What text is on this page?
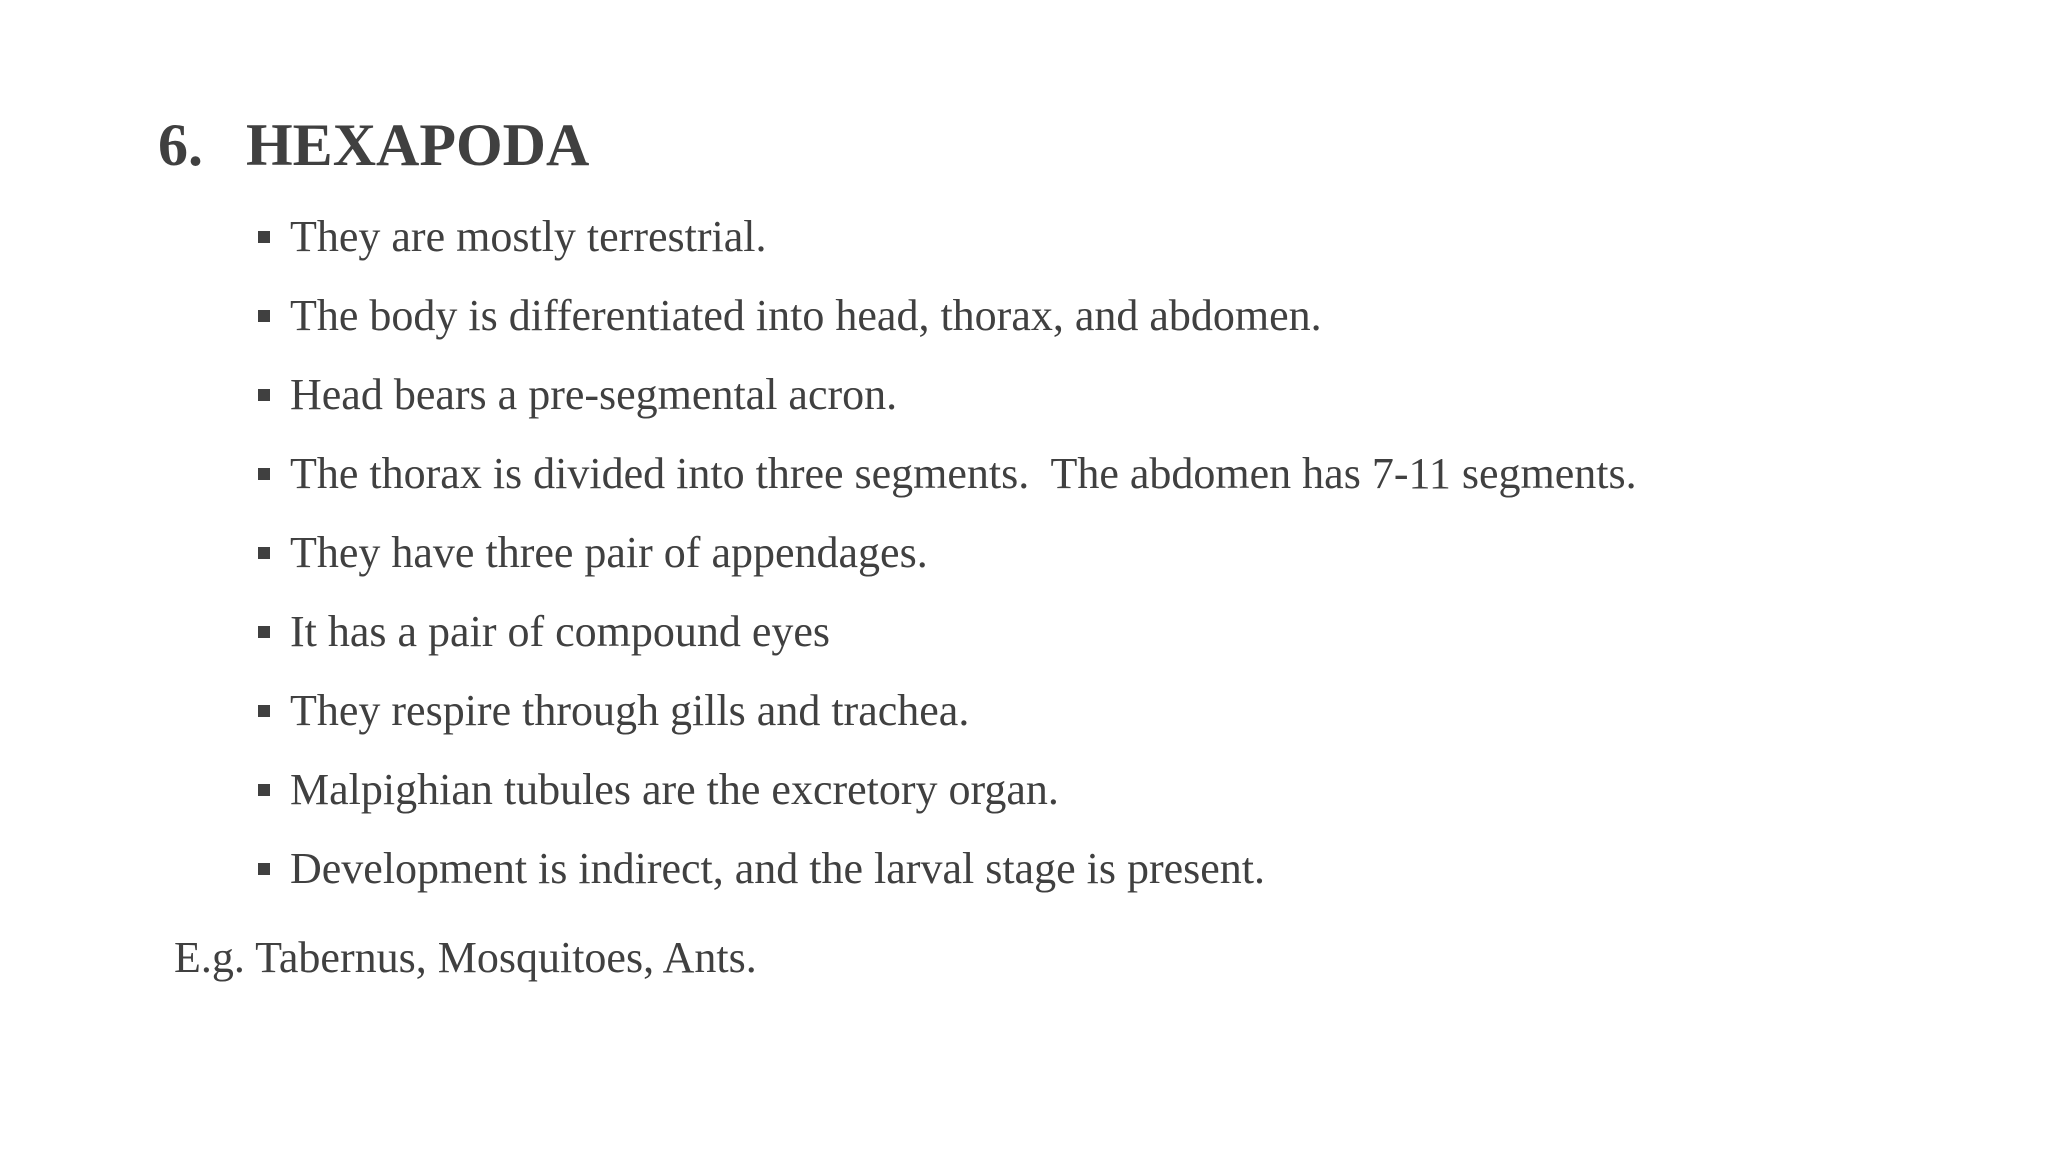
6. HEXAPODA
They are mostly terrestrial.
The body is differentiated into head, thorax, and abdomen.
Head bears a pre-segmental acron.
The thorax is divided into three segments.  The abdomen has 7-11 segments.
They have three pair of appendages.
It has a pair of compound eyes
They respire through gills and trachea.
Malpighian tubules are the excretory organ.
Development is indirect, and the larval stage is present.

E.g. Tabernus, Mosquitoes, Ants.
